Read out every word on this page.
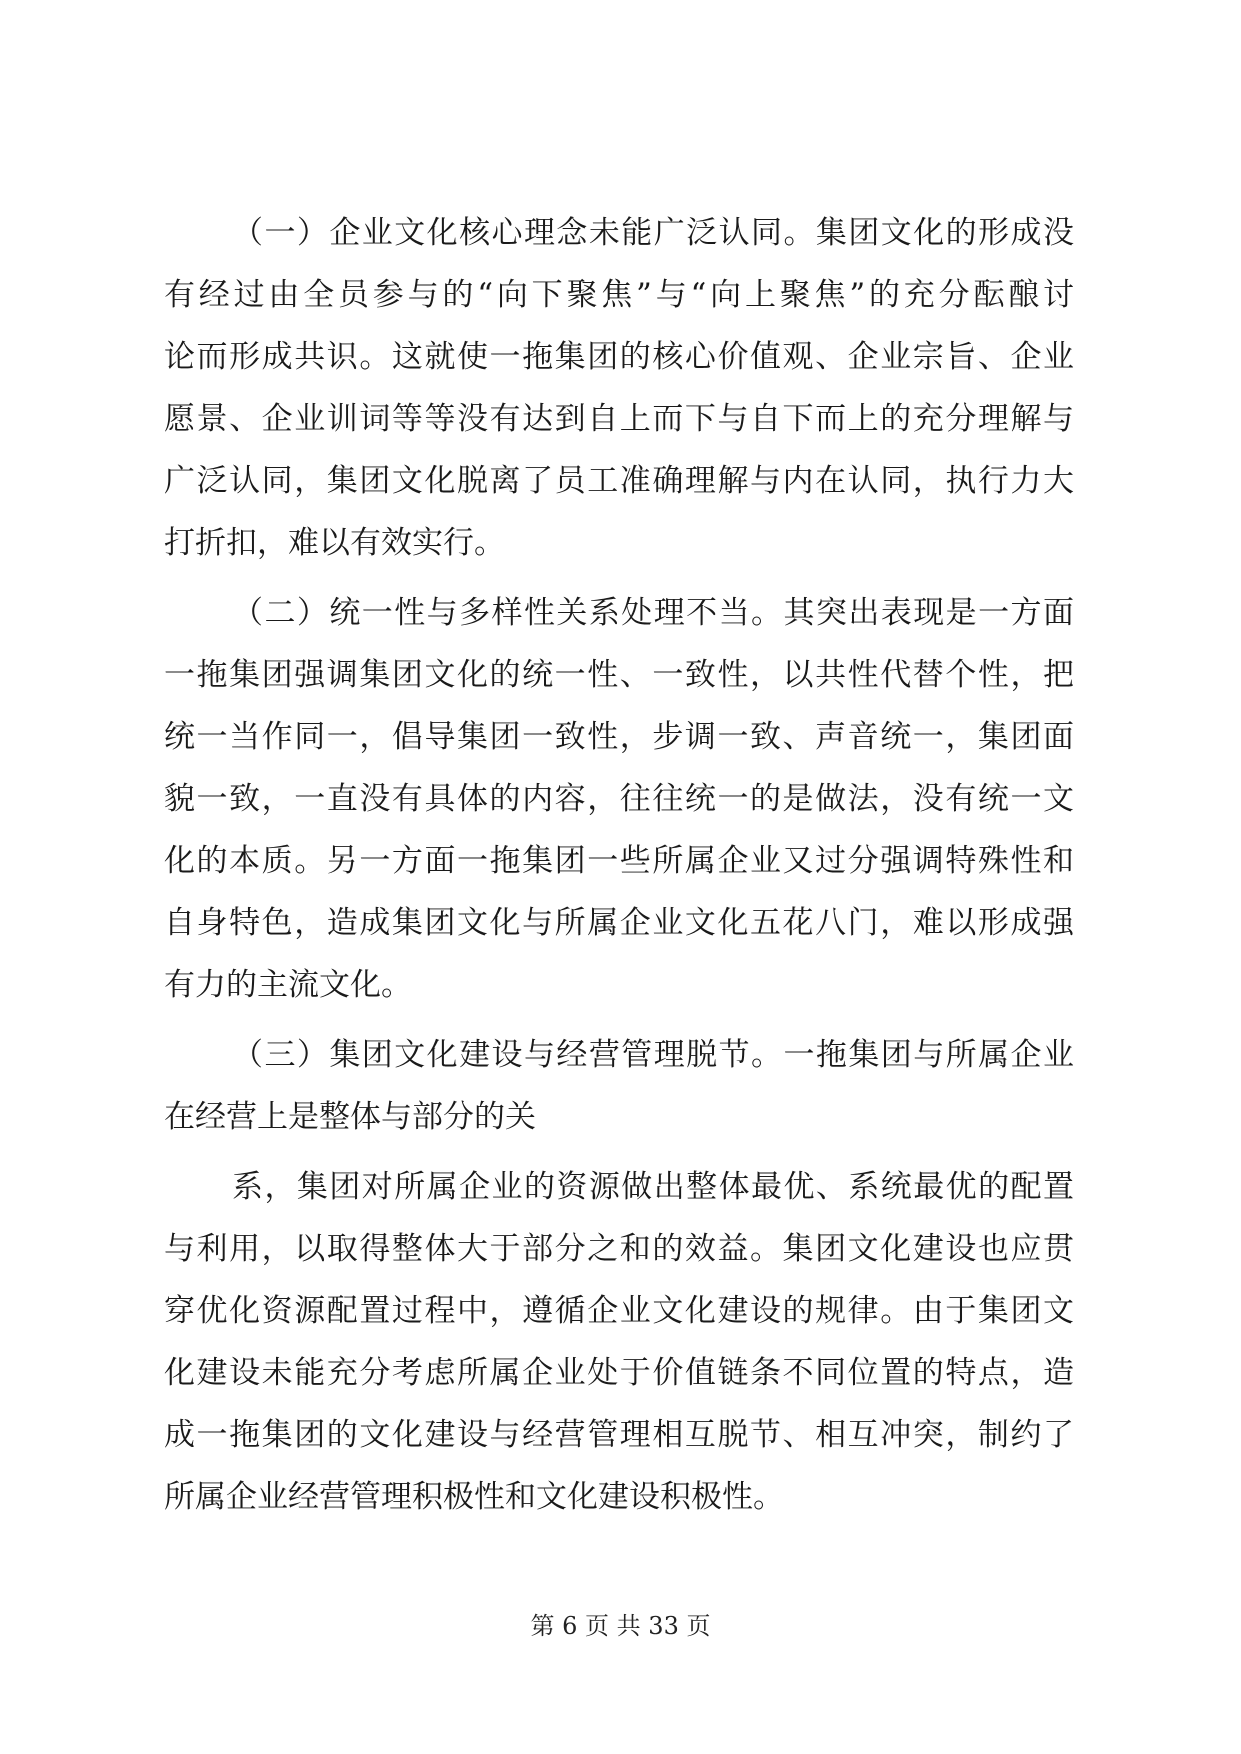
（一）企业文化核心理念未能广泛认同。集团文化的形成没
有经过由全员参与的“向下聚焦”与“向上聚焦”的充分酝酿讨
论而形成共识。这就使一拖集团的核心价值观、企业宗旨、企业
愿景、企业训词等等没有达到自上而下与自下而上的充分理解与
广泛认同，集团文化脱离了员工准确理解与内在认同，执行力大
打折扣，难以有效实行。
（二）统一性与多样性关系处理不当。其突出表现是一方面
一拖集团强调集团文化的统一性、一致性，以共性代替个性，把
统一当作同一，倡导集团一致性，步调一致、声音统一，集团面
貌一致，一直没有具体的内容，往往统一的是做法，没有统一文
化的本质。另一方面一拖集团一些所属企业又过分强调特殊性和
自身特色，造成集团文化与所属企业文化五花八门，难以形成强
有力的主流文化。
（三）集团文化建设与经营管理脱节。一拖集团与所属企业
在经营上是整体与部分的关
系，集团对所属企业的资源做出整体最优、系统最优的配置
与利用，以取得整体大于部分之和的效益。集团文化建设也应贯
穿优化资源配置过程中，遵循企业文化建设的规律。由于集团文
化建设未能充分考虑所属企业处于价值链条不同位置的特点，造
成一拖集团的文化建设与经营管理相互脱节、相互冲突，制约了
所属企业经营管理积极性和文化建设积极性。
第 6 页 共 33 页
